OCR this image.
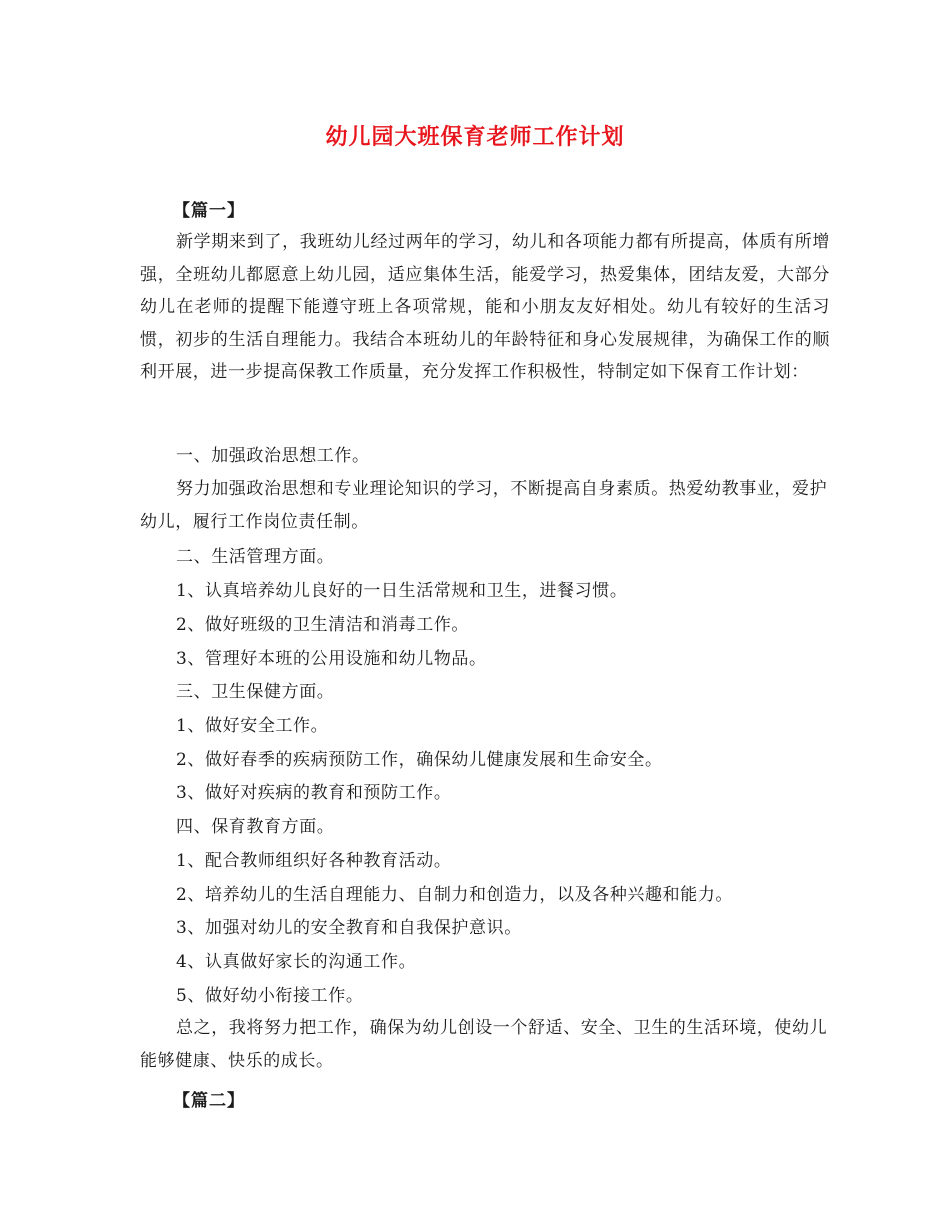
幼儿园大班保育老师工作计划
【篇一】
新学期来到了，我班幼儿经过两年的学习，幼儿和各项能力都有所提高，体质有所增强，全班幼儿都愿意上幼儿园，适应集体生活，能爱学习，热爱集体，团结友爱，大部分幼儿在老师的提醒下能遵守班上各项常规，能和小朋友友好相处。幼儿有较好的生活习惯，初步的生活自理能力。我结合本班幼儿的年龄特征和身心发展规律，为确保工作的顺利开展，进一步提高保教工作质量，充分发挥工作积极性，特制定如下保育工作计划：
一、加强政治思想工作。
努力加强政治思想和专业理论知识的学习，不断提高自身素质。热爱幼教事业，爱护幼儿，履行工作岗位责任制。
二、生活管理方面。
1、认真培养幼儿良好的一日生活常规和卫生，进餐习惯。
2、做好班级的卫生清洁和消毒工作。
3、管理好本班的公用设施和幼儿物品。
三、卫生保健方面。
1、做好安全工作。
2、做好春季的疾病预防工作，确保幼儿健康发展和生命安全。
3、做好对疾病的教育和预防工作。
四、保育教育方面。
1、配合教师组织好各种教育活动。
2、培养幼儿的生活自理能力、自制力和创造力，以及各种兴趣和能力。
3、加强对幼儿的安全教育和自我保护意识。
4、认真做好家长的沟通工作。
5、做好幼小衔接工作。
总之，我将努力把工作，确保为幼儿创设一个舒适、安全、卫生的生活环境，使幼儿能够健康、快乐的成长。
【篇二】
